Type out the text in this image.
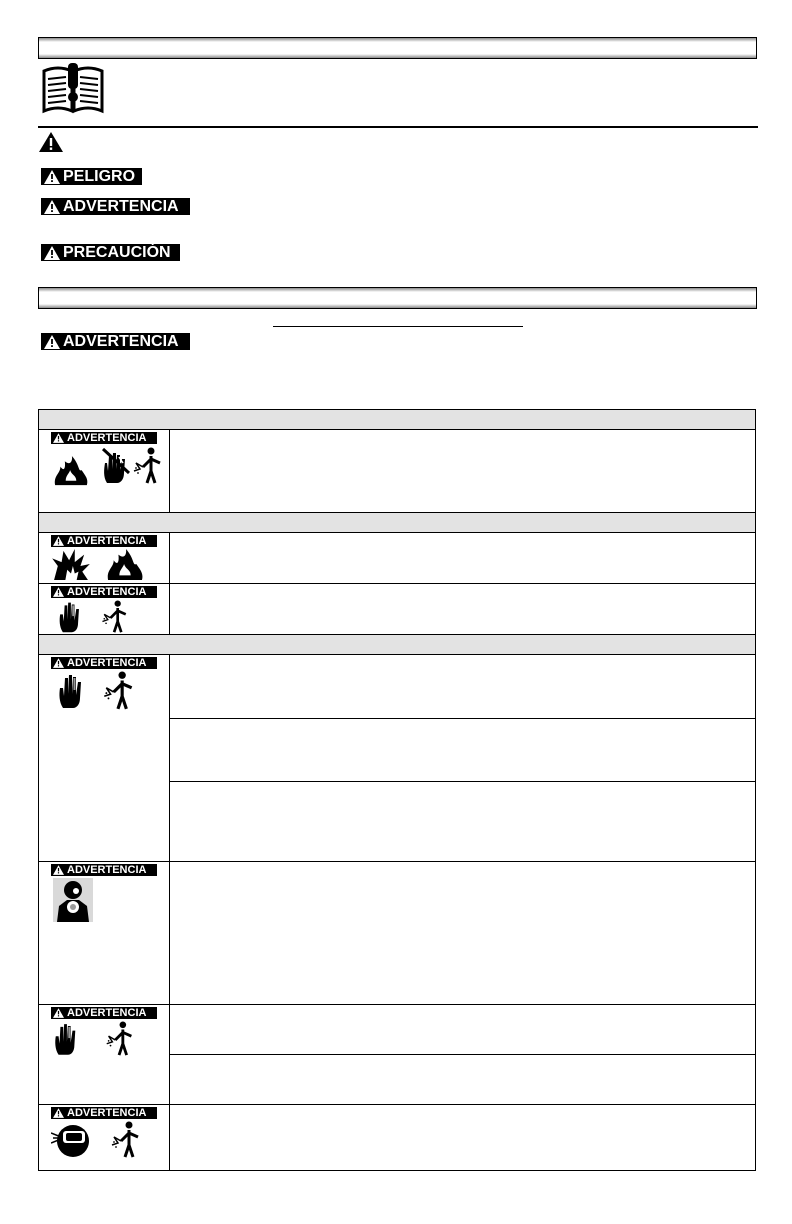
PELIGRO
ADVERTENCIA
PRECAUCIÓN
ADVERTENCIA

ADVERTENCIA	

ADVERTENCIA	

ADVERTENCIA	

ADVERTENCIA	

ADVERTENCIA	

ADVERTENCIA	

ADVERTENCIA	
